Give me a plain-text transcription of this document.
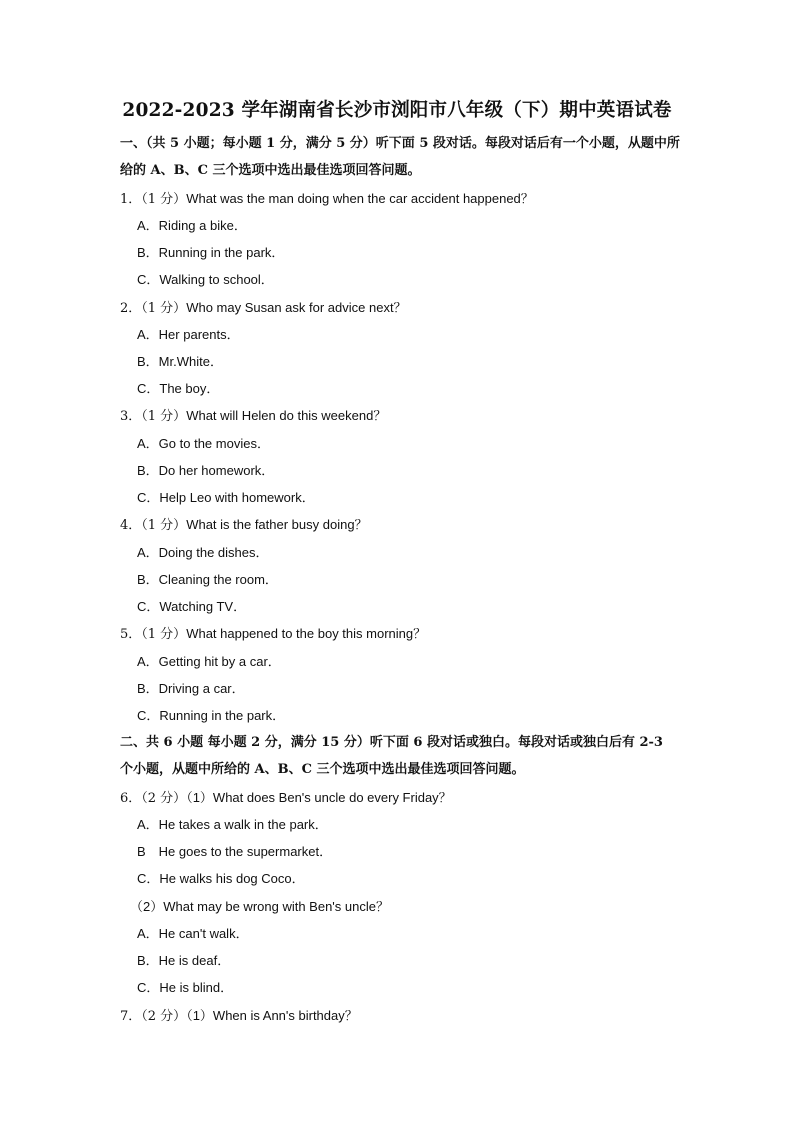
2022-2023 学年湖南省长沙市浏阳市八年级（下）期中英语试卷
一、（共 5 小题；每小题 1 分，满分 5 分）听下面 5 段对话。每段对话后有一个小题，从题中所给的 A、B、C 三个选项中选出最佳选项回答问题。
1．（1 分）What was the man doing when the car accident happened？
A．Riding a bike．
B．Running in the park．
C．Walking to school．
2．（1 分）Who may Susan ask for advice next？
A．Her parents．
B．Mr.White．
C．The boy．
3．（1 分）What will Helen do this weekend？
A．Go to the movies．
B．Do her homework．
C．Help Leo with homework．
4．（1 分）What is the father busy doing？
A．Doing the dishes．
B．Cleaning the room．
C．Watching TV．
5．（1 分）What happened to the boy this morning？
A．Getting hit by a car．
B．Driving a car．
C．Running in the park．
二、共 6 小题 每小题 2 分，满分 15 分）听下面 6 段对话或独白。每段对话或独白后有 2-3 个小题，从题中所给的 A、B、C 三个选项中选出最佳选项回答问题。
6．（2 分）（1）What does Ben's uncle do every Friday？
A．He takes a walk in the park．
B　He goes to the supermarket．
C．He walks his dog Coco．
（2）What may be wrong with Ben's uncle？
A．He can't walk．
B．He is deaf．
C．He is blind．
7．（2 分）（1）When is Ann's birthday？
